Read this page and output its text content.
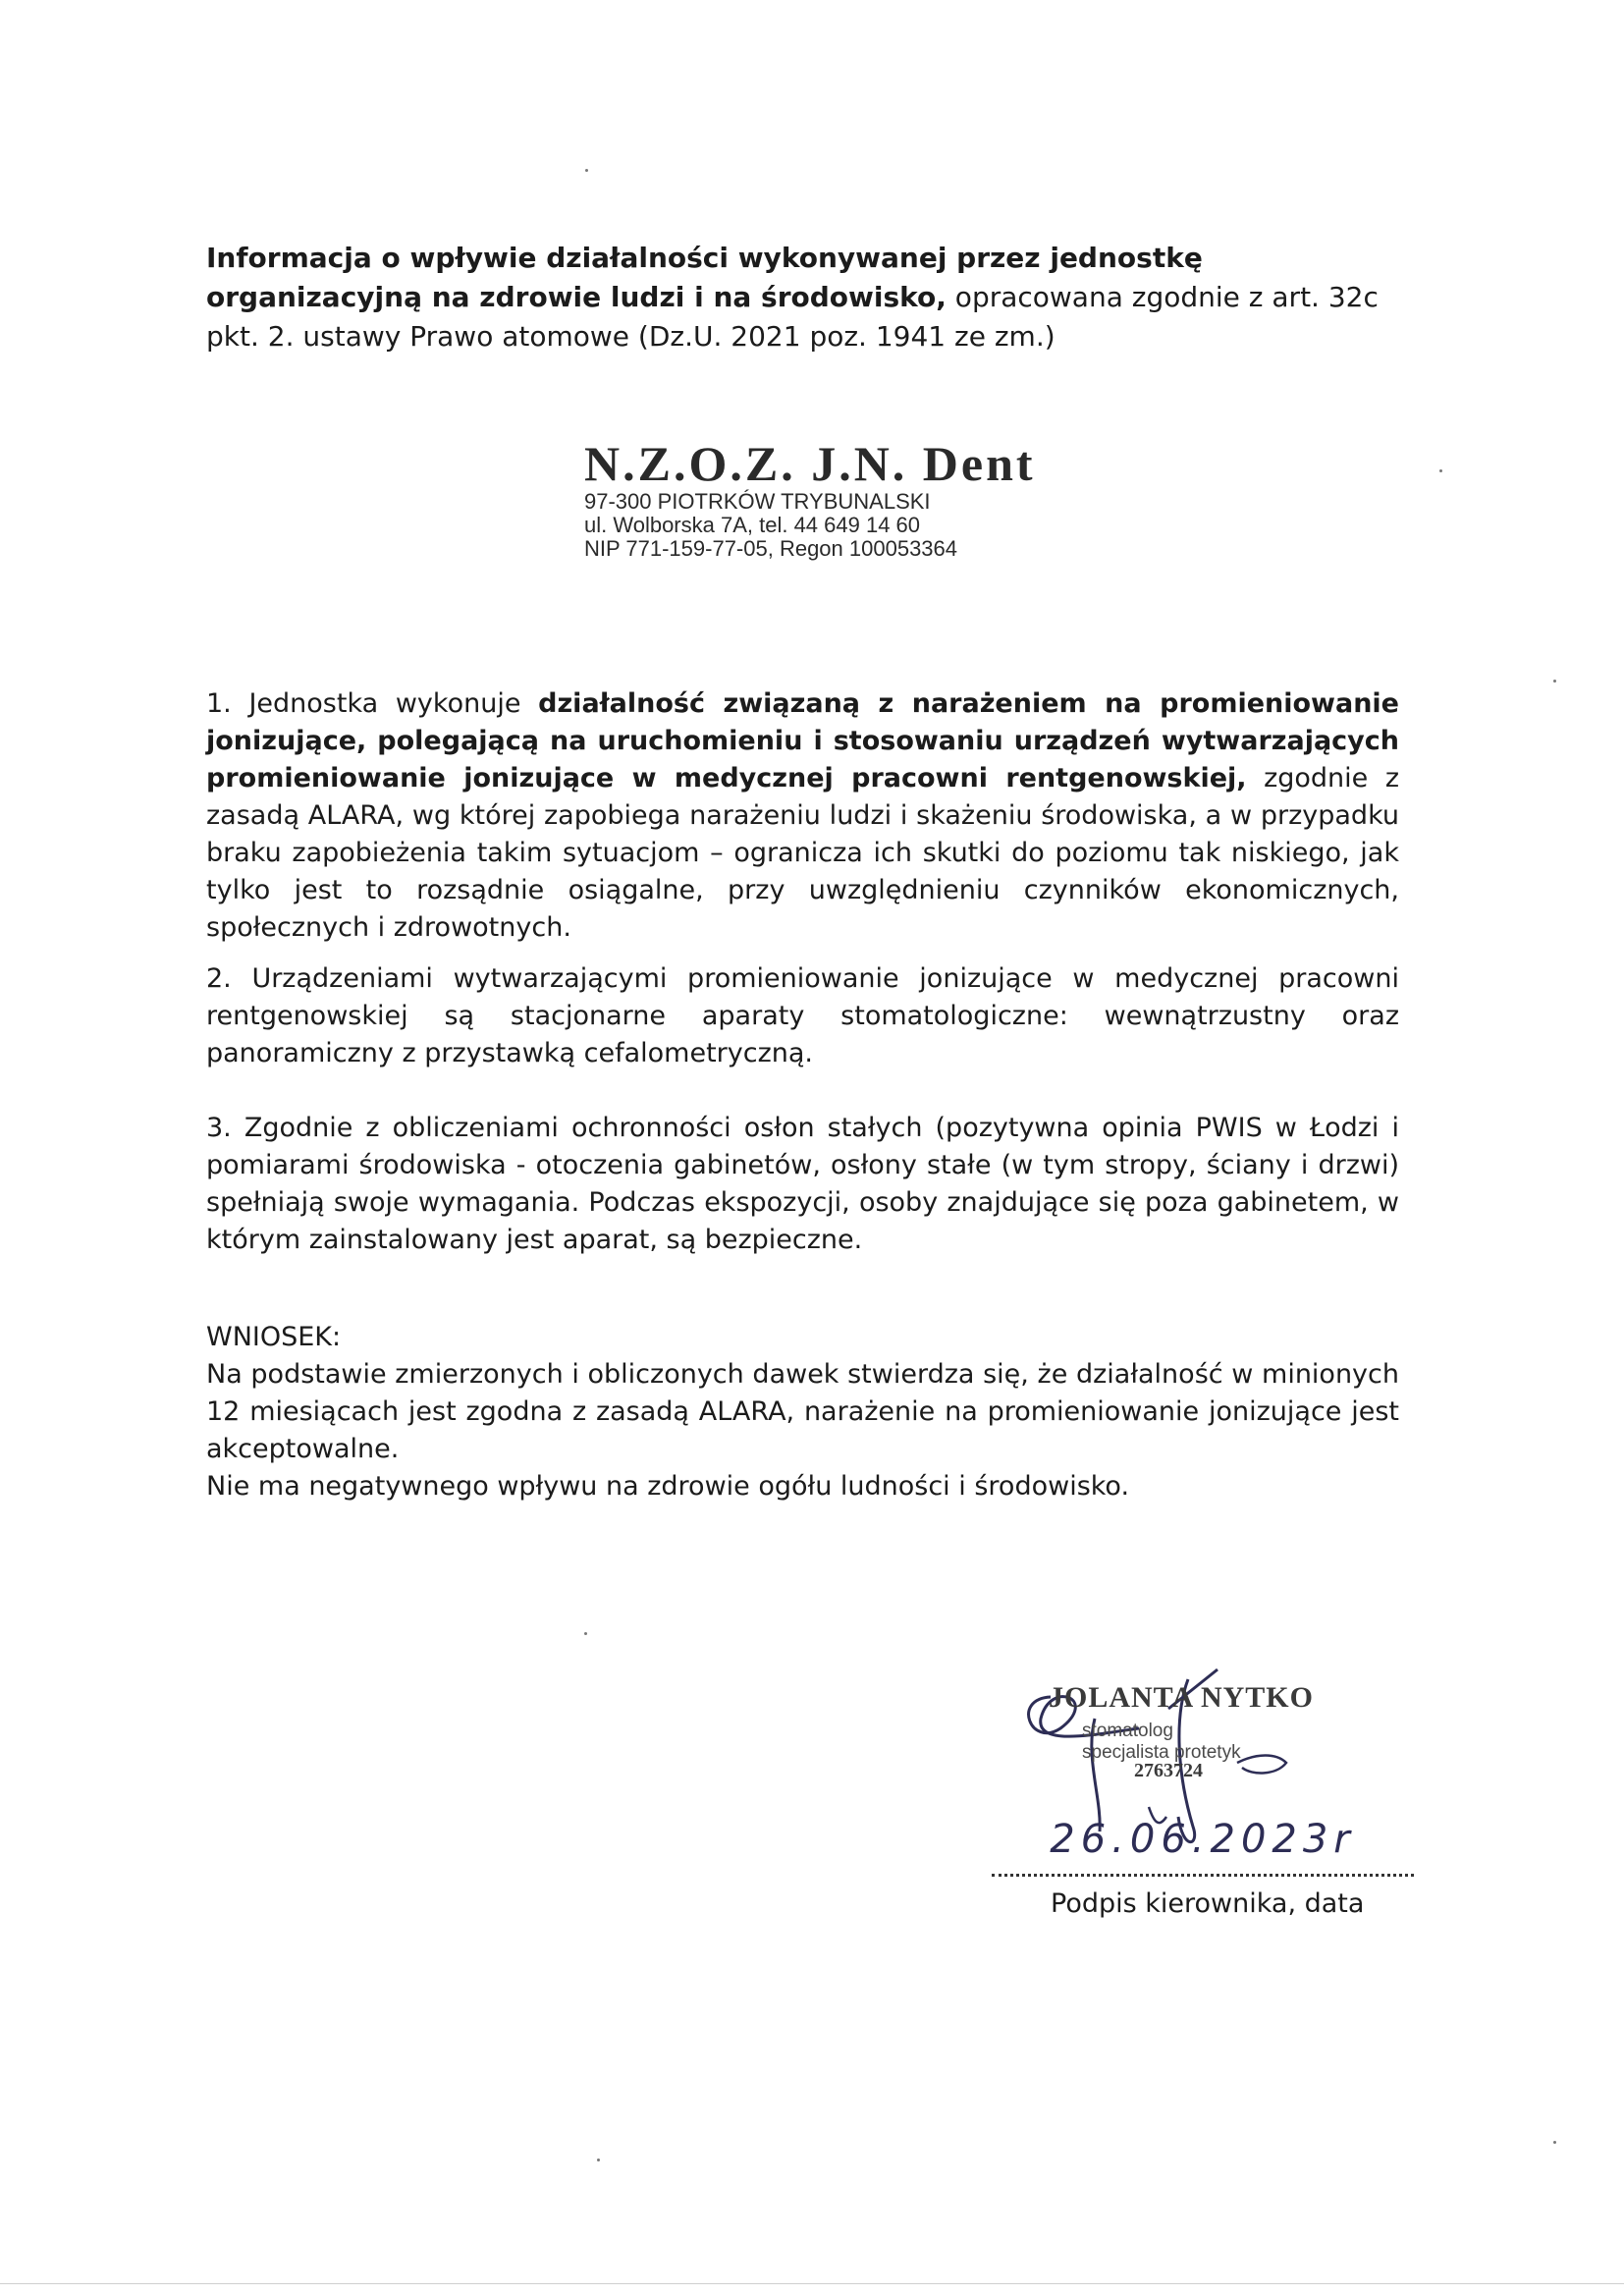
Informacja o wpływie działalności wykonywanej przez jednostkę organizacyjną na zdrowie ludzi i na środowisko, opracowana zgodnie z art. 32c pkt. 2. ustawy Prawo atomowe (Dz.U. 2021 poz. 1941 ze zm.)

N.Z.O.Z. J.N. Dent
97-300 PIOTRKÓW TRYBUNALSKI
ul. Wolborska 7A, tel. 44 649 14 60
NIP 771-159-77-05, Regon 100053364

1. Jednostka wykonuje działalność związaną z narażeniem na promieniowanie jonizujące, polegającą na uruchomieniu i stosowaniu urządzeń wytwarzających promieniowanie jonizujące w medycznej pracowni rentgenowskiej, zgodnie z zasadą ALARA, wg której zapobiega narażeniu ludzi i skażeniu środowiska, a w przypadku braku zapobieżenia takim sytuacjom – ogranicza ich skutki do poziomu tak niskiego, jak tylko jest to rozsądnie osiągalne, przy uwzględnieniu czynników ekonomicznych, społecznych i zdrowotnych.

2. Urządzeniami wytwarzającymi promieniowanie jonizujące w medycznej pracowni rentgenowskiej są stacjonarne aparaty stomatologiczne: wewnątrzustny oraz panoramiczny z przystawką cefalometryczną.

3. Zgodnie z obliczeniami ochronności osłon stałych (pozytywna opinia PWIS w Łodzi i pomiarami środowiska - otoczenia gabinetów, osłony stałe (w tym stropy, ściany i drzwi) spełniają swoje wymagania. Podczas ekspozycji, osoby znajdujące się poza gabinetem, w którym zainstalowany jest aparat, są bezpieczne.

WNIOSEK:

Na podstawie zmierzonych i obliczonych dawek stwierdza się, że działalność w minionych 12 miesiącach jest zgodna z zasadą ALARA, narażenie na promieniowanie jonizujące jest akceptowalne.

Nie ma negatywnego wpływu na zdrowie ogółu ludności i środowisko.

JOLANTA NYTKO
stomatolog
specjalista protetyk
2763724
26.06.2023r
Podpis kierownika, data
